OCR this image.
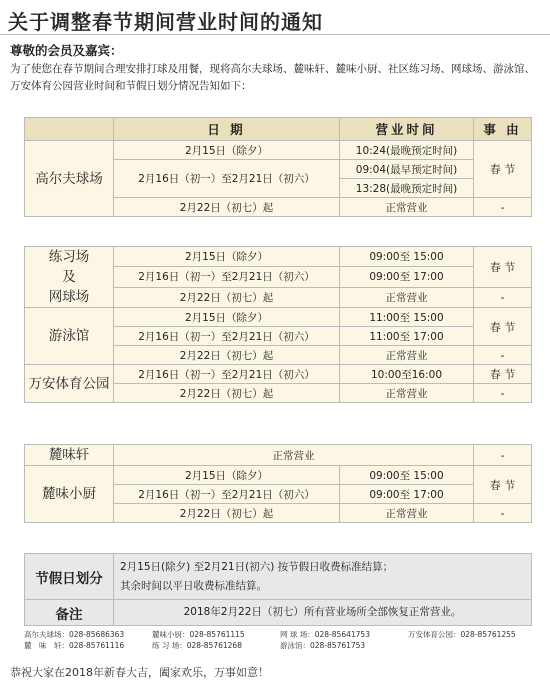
关于调整春节期间营业时间的通知
尊敬的会员及嘉宾：
为了使您在春节期间合理安排打球及用餐，现将高尔夫球场、麓味轩、麓味小厨、社区练习场、网球场、游泳馆、万安体育公园营业时间和节假日划分情况告知如下：
	日 期	营业时间	事 由
高尔夫球场	2月15日（除夕）	10:24(最晚预定时间)	春 节
	2月16日（初一）至2月21日（初六）	09:04(最早预定时间)	
		13:28(最晚预定时间)	
	2月22日（初七）起	正常营业	-
练习场
及
网球场	2月15日（除夕）	09:00至 15:00	春 节
	2月16日（初一）至2月21日（初六）	09:00至 17:00	
	2月22日（初七）起	正常营业	-
游泳馆	2月15日（除夕）	11:00至 15:00	春 节
	2月16日（初一）至2月21日（初六）	11:00至 17:00	
	2月22日（初七）起	正常营业	-
万安体育公园	2月16日（初一）至2月21日（初六）	10:00至16:00	春 节
	2月22日（初七）起	正常营业	-
麓味轩	正常营业		-
麓味小厨	2月15日（除夕）	09:00至 15:00	春 节
	2月16日（初一）至2月21日（初六）	09:00至 17:00	
	2月22日（初七）起	正常营业	-
节假日划分	2月15日(除夕) 至2月21日(初六) 按节假日收费标准结算；
其余时间以平日收费标准结算。

备注	2018年2月22日（初七）所有营业场所全部恢复正常营业。
高尔夫球场：028-85686363	麓味小厨：028-85761115	网 球 场：028-85641753	万安体育公园：028-85761255
麓　味　轩：028-85761116	练 习 场：028-85761268	游泳馆：028-85761753
恭祝大家在2018年新春大吉，阖家欢乐，万事如意！
